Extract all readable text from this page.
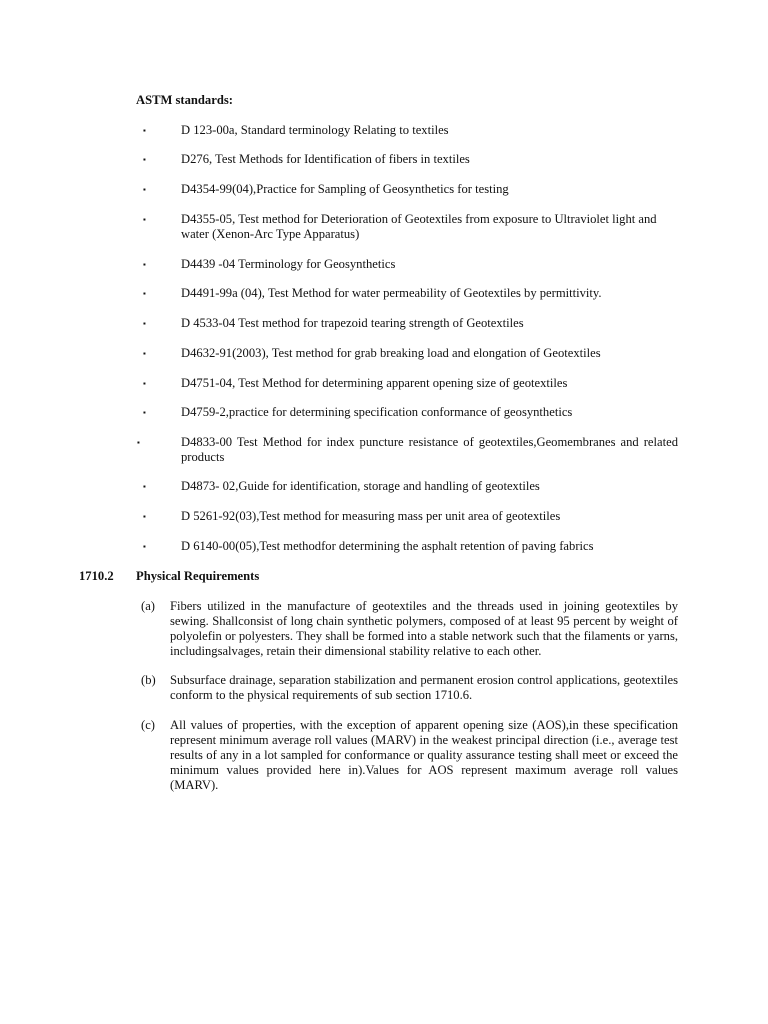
ASTM standards:
▪	D 123-00a, Standard terminology Relating to textiles
▪	D276, Test Methods for Identification of fibers in textiles
▪	D4354-99(04),Practice for Sampling of Geosynthetics for testing
▪	D4355-05, Test method for Deterioration of Geotextiles from exposure to Ultraviolet light and water (Xenon-Arc Type Apparatus)
▪	D4439 -04 Terminology for Geosynthetics
▪	D4491-99a (04), Test Method for water permeability of Geotextiles by permittivity.
▪	D 4533-04 Test method for trapezoid tearing strength of Geotextiles
▪	D4632-91(2003), Test method for grab breaking load and elongation of Geotextiles
▪	D4751-04, Test Method for determining apparent opening size of geotextiles
▪	D4759-2,practice for determining specification conformance of geosynthetics
▪	D4833-00 Test Method for index puncture resistance of geotextiles,Geomembranes and related products
▪	D4873- 02,Guide for identification, storage and handling of geotextiles
▪	D 5261-92(03),Test method for measuring mass per unit area of geotextiles
▪	D 6140-00(05),Test methodfor determining the asphalt retention of paving fabrics
1710.2 Physical Requirements
(a) Fibers utilized in the manufacture of geotextiles and the threads used in joining geotextiles by sewing. Shallconsist of long chain synthetic polymers, composed of at least 95 percent by weight of polyolefin or polyesters. They shall be formed into a stable network such that the filaments or yarns, includingsalvages, retain their dimensional stability relative to each other.
(b) Subsurface drainage, separation stabilization and permanent erosion control applications, geotextiles conform to the physical requirements of sub section 1710.6.
(c) All values of properties, with the exception of apparent opening size (AOS),in these specification represent minimum average roll values (MARV) in the weakest principal direction (i.e., average test results of any in a lot sampled for conformance or quality assurance testing shall meet or exceed the minimum values provided here in).Values for AOS represent maximum average roll values (MARV).
